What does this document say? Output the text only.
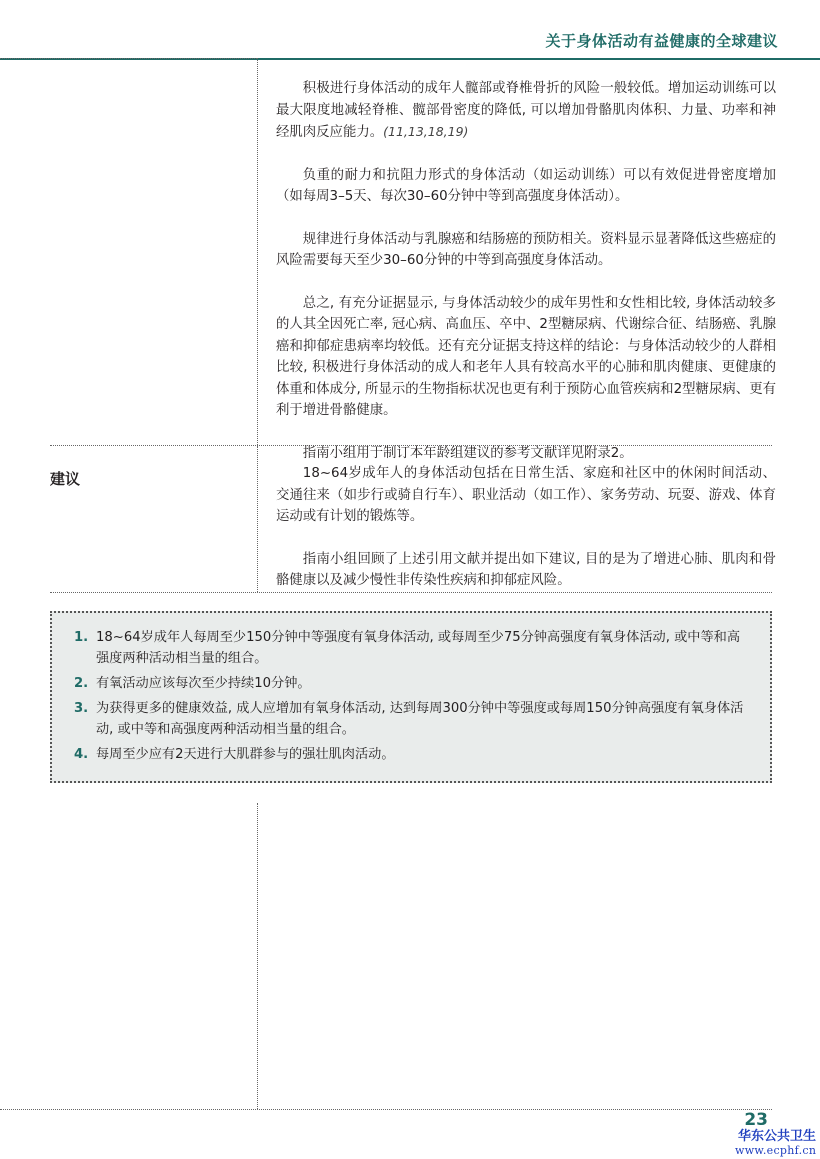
关于身体活动有益健康的全球建议

积极进行身体活动的成年人髋部或脊椎骨折的风险一般较低。增加运动训练可以最大限度地减轻脊椎、髋部骨密度的降低, 可以增加骨骼肌肉体积、力量、功率和神经肌肉反应能力。(11,13,18,19)

负重的耐力和抗阻力形式的身体活动（如运动训练）可以有效促进骨密度增加（如每周3–5天、每次30–60分钟中等到高强度身体活动）。

规律进行身体活动与乳腺癌和结肠癌的预防相关。资料显示显著降低这些癌症的风险需要每天至少30–60分钟的中等到高强度身体活动。

总之, 有充分证据显示, 与身体活动较少的成年男性和女性相比较, 身体活动较多的人其全因死亡率, 冠心病、高血压、卒中、2型糖尿病、代谢综合征、结肠癌、乳腺癌和抑郁症患病率均较低。还有充分证据支持这样的结论：与身体活动较少的人群相比较, 积极进行身体活动的成人和老年人具有较高水平的心肺和肌肉健康、更健康的体重和体成分, 所显示的生物指标状况也更有利于预防心血管疾病和2型糖尿病、更有利于增进骨骼健康。

指南小组用于制订本年龄组建议的参考文献详见附录2。

建议	18~64岁成年人的身体活动包括在日常生活、家庭和社区中的休闲时间活动、交通往来（如步行或骑自行车）、职业活动（如工作）、家务劳动、玩耍、游戏、体育运动或有计划的锻炼等。

指南小组回顾了上述引用文献并提出如下建议, 目的是为了增进心肺、肌肉和骨骼健康以及减少慢性非传染性疾病和抑郁症风险。

1. 18~64岁成年人每周至少150分钟中等强度有氧身体活动, 或每周至少75分钟高强度有氧身体活动, 或中等和高强度两种活动相当量的组合。
2. 有氧活动应该每次至少持续10分钟。
3. 为获得更多的健康效益, 成人应增加有氧身体活动, 达到每周300分钟中等强度或每周150分钟高强度有氧身体活动, 或中等和高强度两种活动相当量的组合。
4. 每周至少应有2天进行大肌群参与的强壮肌肉活动。
23
华东公共卫生
www.ecphf.cn
